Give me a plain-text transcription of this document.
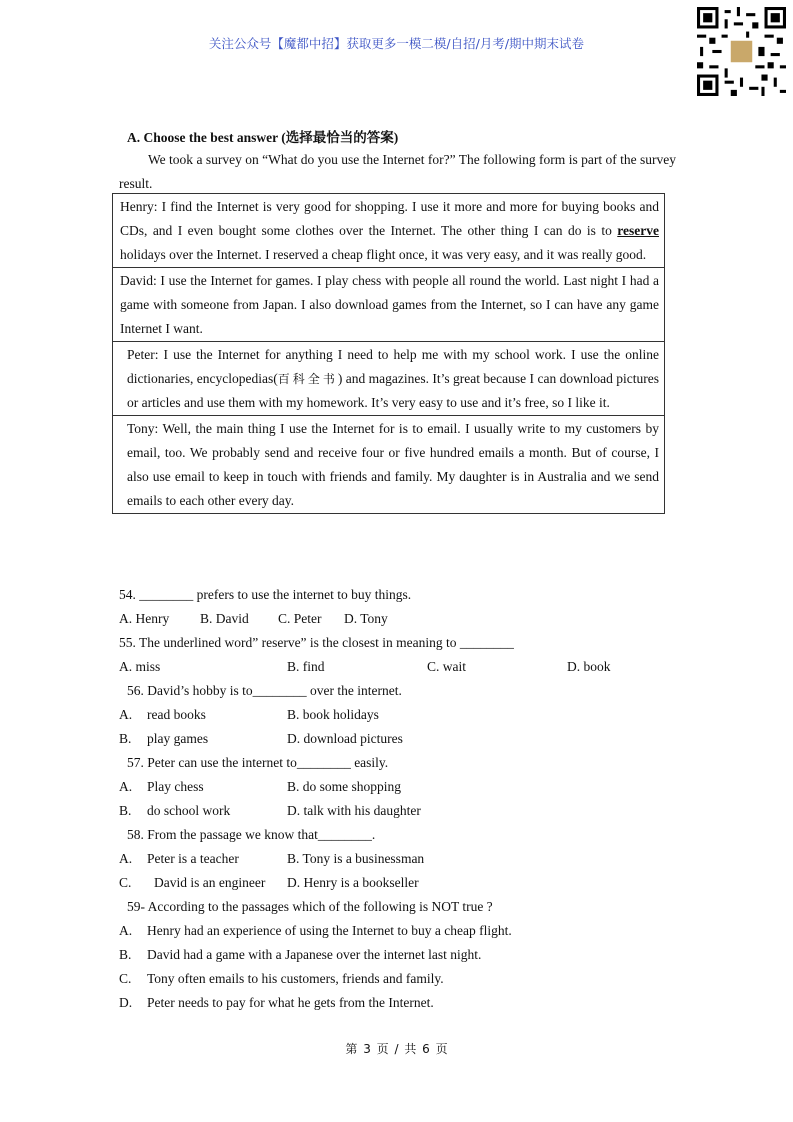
关注公众号【魔都中招】获取更多一模二模/自招/月考/期中期末试卷
A. Choose the best answer (选择最恰当的答案)
We took a survey on “What do you use the Internet for?” The following form is part of the survey result.
Henry: I find the Internet is very good for shopping. I use it more and more for buying books and CDs, and I even bought some clothes over the Internet. The other thing I can do is to reserve holidays over the Internet. I reserved a cheap flight once, it was very easy, and it was really good.
David: I use the Internet for games. I play chess with people all round the world. Last night I had a game with someone from Japan. I also download games from the Internet, so I can have any game Internet I want.
Peter: I use the Internet for anything I need to help me with my school work. I use the online dictionaries, encyclopedias(百科全书) and magazines. It’s great because I can download pictures or articles and use them with my homework. It’s very easy to use and it’s free, so I like it.
Tony: Well, the main thing I use the Internet for is to email. I usually write to my customers by email, too. We probably send and receive four or five hundred emails a month. But of course, I also use email to keep in touch with friends and family. My daughter is in Australia and we send emails to each other every day.
54. ________ prefers to use the internet to buy things.
A. Henry B. David C. Peter D. Tony
55. The underlined word” reserve” is the closest in meaning to ________
A. miss	B. find	C. wait	D. book
56. David’s hobby is to________ over the internet.
A. read books	B. book holidays
B. play games	D. download pictures
57. Peter can use the internet to________ easily.
A. Play chess	B. do some shopping
B. do school work	D. talk with his daughter
58. From the passage we know that________.
A. Peter is a teacher	B. Tony is a businessman
C. David is an engineer D. Henry is a bookseller
59- According to the passages which of the following is NOT true ?
A. Henry had an experience of using the Internet to buy a cheap flight.
B. David had a game with a Japanese over the internet last night.
C. Tony often emails to his customers, friends and family.
D. Peter needs to pay for what he gets from the Internet.
第 3 页 / 共 6 页
